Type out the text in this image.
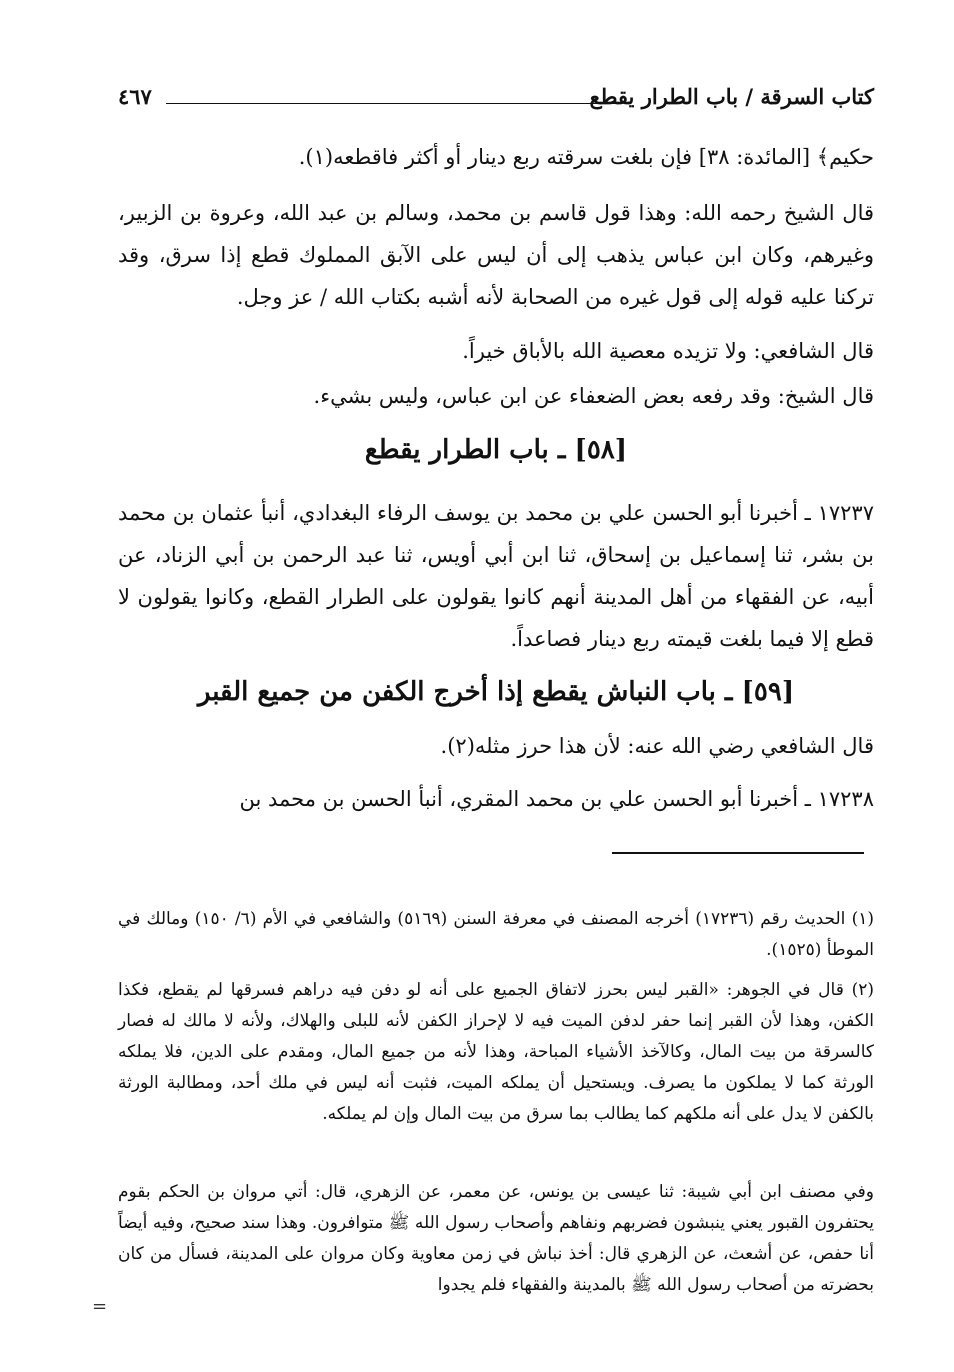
كتاب السرقة / باب الطرار يقطع
٤٦٧
حكيم﴾ [المائدة: ٣٨] فإن بلغت سرقته ربع دينار أو أكثر فاقطعه(١).
قال الشيخ رحمه الله: وهذا قول قاسم بن محمد، وسالم بن عبد الله، وعروة بن الزبير، وغيرهم، وكان ابن عباس يذهب إلى أن ليس على الآبق المملوك قطع إذا سرق، وقد تركنا عليه قوله إلى قول غيره من الصحابة لأنه أشبه بكتاب الله / عز وجل.
قال الشافعي: ولا تزيده معصية الله بالأباق خيراً.
قال الشيخ: وقد رفعه بعض الضعفاء عن ابن عباس، وليس بشيء.
[٥٨] ـ باب الطرار يقطع
١٧٢٣٧ ـ أخبرنا أبو الحسن علي بن محمد بن يوسف الرفاء البغدادي، أنبأ عثمان بن محمد بن بشر، ثنا إسماعيل بن إسحاق، ثنا ابن أبي أويس، ثنا عبد الرحمن بن أبي الزناد، عن أبيه، عن الفقهاء من أهل المدينة أنهم كانوا يقولون على الطرار القطع، وكانوا يقولون لا قطع إلا فيما بلغت قيمته ربع دينار فصاعداً.
[٥٩] ـ باب النباش يقطع إذا أخرج الكفن من جميع القبر
قال الشافعي رضي الله عنه: لأن هذا حرز مثله(٢).
١٧٢٣٨ ـ أخبرنا أبو الحسن علي بن محمد المقري، أنبأ الحسن بن محمد بن
(١) الحديث رقم (١٧٢٣٦) أخرجه المصنف في معرفة السنن (٥١٦٩) والشافعي في الأم (٦/ ١٥٠) ومالك في الموطأ (١٥٢٥).
(٢) قال في الجوهر: «القبر ليس بحرز لاتفاق الجميع على أنه لو دفن فيه دراهم فسرقها لم يقطع، فكذا الكفن، وهذا لأن القبر إنما حفر لدفن الميت فيه لا لإحراز الكفن لأنه للبلى والهلاك، ولأنه لا مالك له فصار كالسرقة من بيت المال، وكالآخذ الأشياء المباحة، وهذا لأنه من جميع المال، ومقدم على الدين، فلا يملكه الورثة كما لا يملكون ما يصرف. ويستحيل أن يملكه الميت، فثبت أنه ليس في ملك أحد، ومطالبة الورثة بالكفن لا يدل على أنه ملكهم كما يطالب بما سرق من بيت المال وإن لم يملكه.
وفي مصنف ابن أبي شيبة: ثنا عيسى بن يونس، عن معمر، عن الزهري، قال: أتي مروان بن الحكم بقوم يحتفرون القبور يعني ينبشون فضربهم ونفاهم وأصحاب رسول الله ﷺ متوافرون. وهذا سند صحيح، وفيه أيضاً أنا حفص، عن أشعث، عن الزهري قال: أخذ نباش في زمن معاوية وكان مروان على المدينة، فسأل من كان بحضرته من أصحاب رسول الله ﷺ بالمدينة والفقهاء فلم يجدوا
=
